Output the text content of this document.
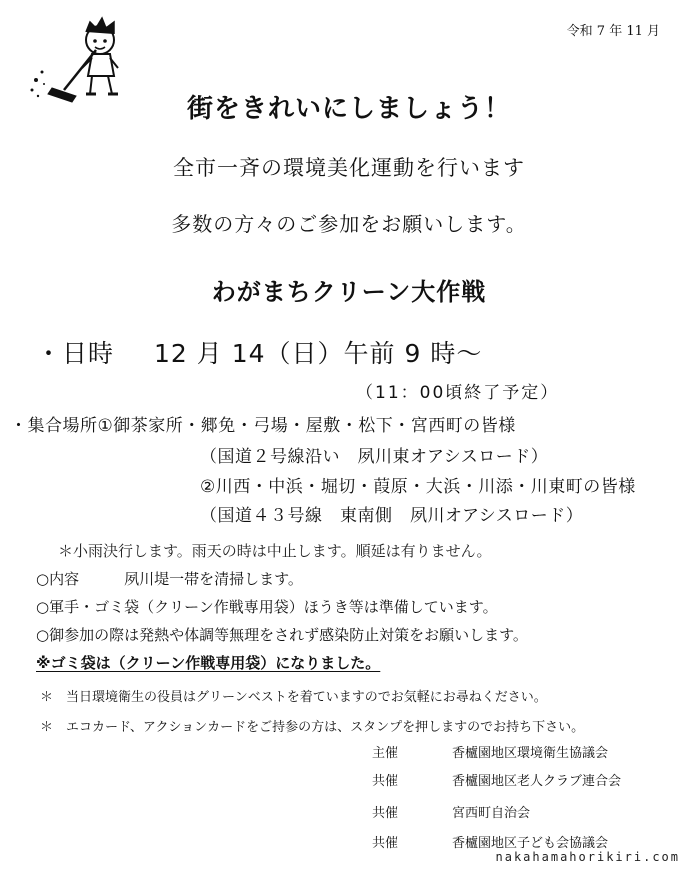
令和 7 年 11 月
街をきれいにしましょう！
全市一斉の環境美化運動を行います
多数の方々のご参加をお願いします。
わがまちクリーン大作戦
・日時 12 月 14（日）午前 9 時～
（11：00頃終了予定）
・集合場所①御茶家所・郷免・弓場・屋敷・松下・宮西町の皆様
（国道２号線沿い　夙川東オアシスロード）
②川西・中浜・堀切・葭原・大浜・川添・川東町の皆様
（国道４３号線　東南側　夙川オアシスロード）
＊小雨決行します。雨天の時は中止します。順延は有りません。
○内容　　　夙川堤一帯を清掃します。
○軍手・ゴミ袋（クリーン作戦専用袋）ほうき等は準備しています。
○御参加の際は発熱や体調等無理をされず感染防止対策をお願いします。
※ゴミ袋は（クリーン作戦専用袋）になりました。
＊　当日環境衛生の役員はグリーンベストを着ていますのでお気軽にお尋ねください。
＊　エコカード、アクションカードをご持参の方は、スタンプを押しますのでお持ち下さい。
主催	香櫨園地区環境衛生協議会
共催	香櫨園地区老人クラブ連合会
共催	宮西町自治会
共催	香櫨園地区子ども会協議会
nakahamahorikiri.com
